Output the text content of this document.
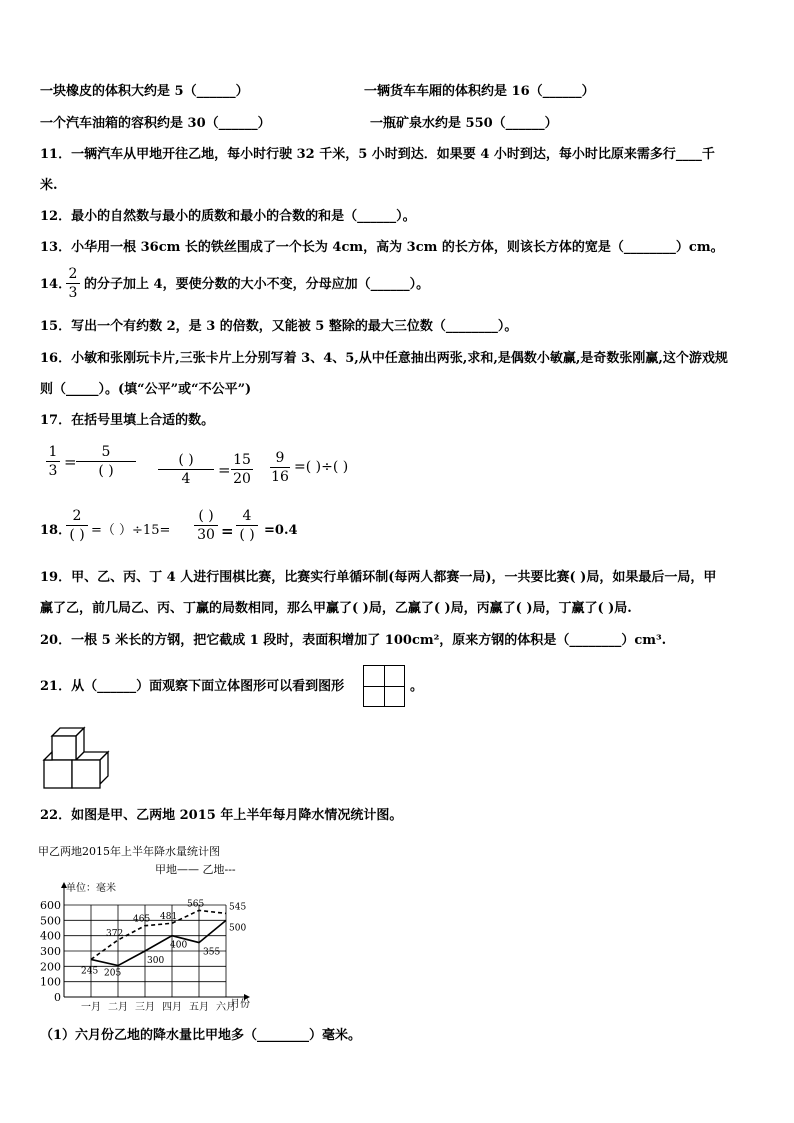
一块橡皮的体积大约是 5（______）	一辆货车车厢的体积约是 16（______）
一个汽车油箱的容积约是 30（______）	一瓶矿泉水约是 550（______）
11．一辆汽车从甲地开往乙地，每小时行驶 32 千米，5 小时到达．如果要 4 小时到达，每小时比原来需多行____千
米.
12．最小的自然数与最小的质数和最小的合数的和是（______）。
13．小华用一根 36cm 长的铁丝围成了一个长为 4cm，高为 3cm 的长方体，则该长方体的宽是（________）cm。
14．
2
3
的分子加上 4，要使分数的大小不变，分母应加（______）。
15．写出一个有约数 2，是 3 的倍数，又能被 5 整除的最大三位数（________）。
16．小敏和张刚玩卡片,三张卡片上分别写着 3、4、5,从中任意抽出两张,求和,是偶数小敏赢,是奇数张刚赢,这个游戏规
则（_____）。(填“公平”或“不公平”)
17．在括号里填上合适的数。
1
3 =
5
( )
( )
4	=
15
20
9
16
=( )÷( )
18．
2
( ) =（ ）÷15=
( )
30 =
4
( ) =0.4
19．甲、乙、丙、丁 4 人进行围棋比赛，比赛实行单循环制(每两人都赛一局)，一共要比赛( )局，如果最后一局，甲
赢了乙，前几局乙、丙、丁赢的局数相同，那么甲赢了( )局，乙赢了( )局，丙赢了( )局，丁赢了( )局.
20．一根 5 米长的方钢，把它截成 1 段时，表面积增加了 100cm²，原来方钢的体积是（________）cm³.
21．从（______）面观察下面立体图形可以看到图形	。
22．如图是甲、乙两地 2015 年上半年每月降水情况统计图。
甲乙两地2015年上半年降水量统计图
甲地—— 乙地---
单位：毫米
0
100
200
300
400
500
600
一月 二月 三月 四月 五月 六月
245 205
300
400
355
500
372
465 481
565	545
月份
（1）六月份乙地的降水量比甲地多（________）毫米。
